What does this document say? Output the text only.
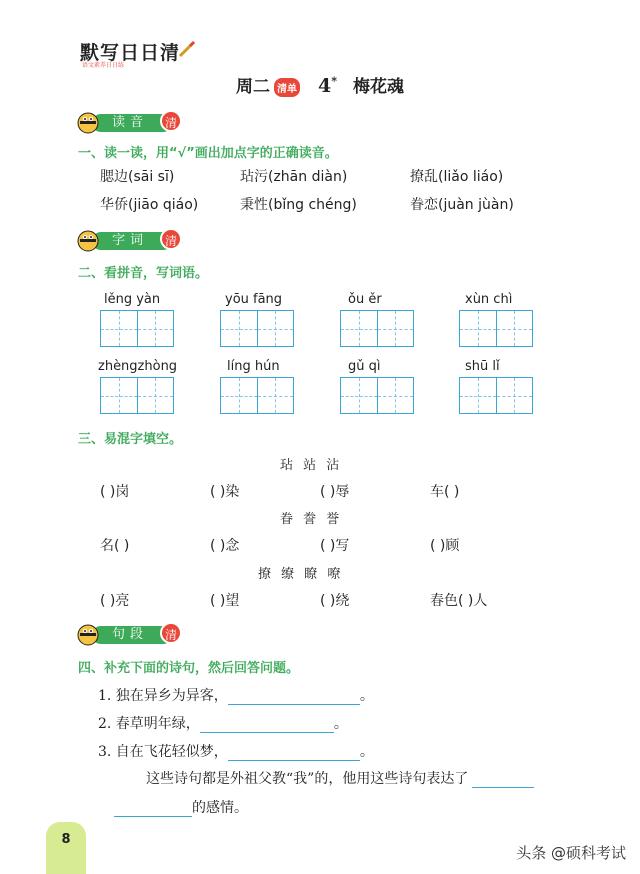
默写日日清
语文素养日日练
周二 清单 4* 梅花魂
读音	清
一、读一读，用“√”画出加点字的正确读音。
腮边(sāi sī)	玷污(zhān diàn)	撩乱(liǎo liáo)
华侨(jiāo qiáo)	秉性(bǐng chéng)	眷恋(juàn jùàn)
字词	清
二、看拼音，写词语。
lěng yàn	yōu fāng	ǒu ěr	xùn chì
zhèngzhòng	líng hún	gǔ qì	shū lǐ
三、易混字填空。
玷 站 沾
( )岗	( )染	( )辱	车( )
眷 誊 誉
名( )	( )念	( )写	( )顾
撩 缭 瞭 嘹
( )亮	( )望	( )绕	春色( )人
句段	清
四、补充下面的诗句，然后回答问题。
1. 独在异乡为异客，	。
2. 春草明年绿，	。
3. 自在飞花轻似梦，	。
这些诗句都是外祖父教“我”的，他用这些诗句表达了
的感情。
8
头条 @硕科考试
